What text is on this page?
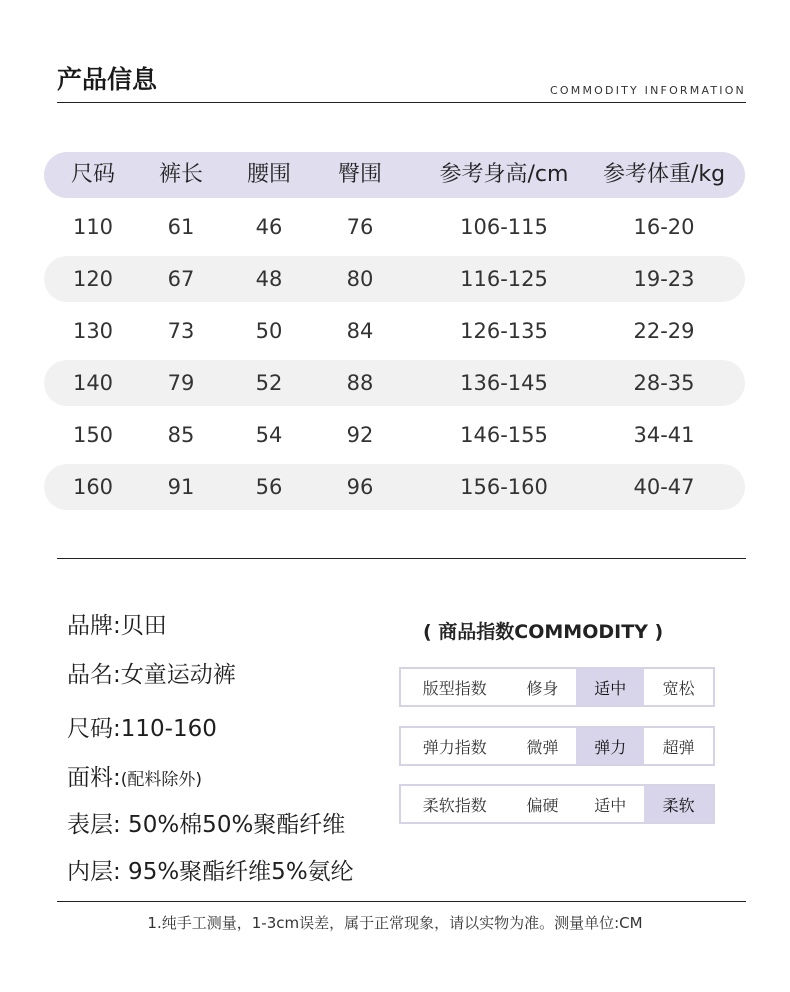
产品信息	COMMODITY INFORMATION
尺码	裤长	腰围	臀围	参考身高/cm	参考体重/kg
110	61	46	76	106-115	16-20
120	67	48	80	116-125	19-23
130	73	50	84	126-135	22-29
140	79	52	88	136-145	28-35
150	85	54	92	146-155	34-41
160	91	56	96	156-160	40-47
品牌:贝田
品名:女童运动裤
尺码:110-160
面料:(配料除外)
表层: 50%棉50%聚酯纤维
内层: 95%聚酯纤维5%氨纶
( 商品指数COMMODITY )
版型指数	修身	适中	宽松
弹力指数	微弹	弹力	超弹
柔软指数	偏硬	适中	柔软
1.纯手工测量，1-3cm误差，属于正常现象，请以实物为准。测量单位:CM
